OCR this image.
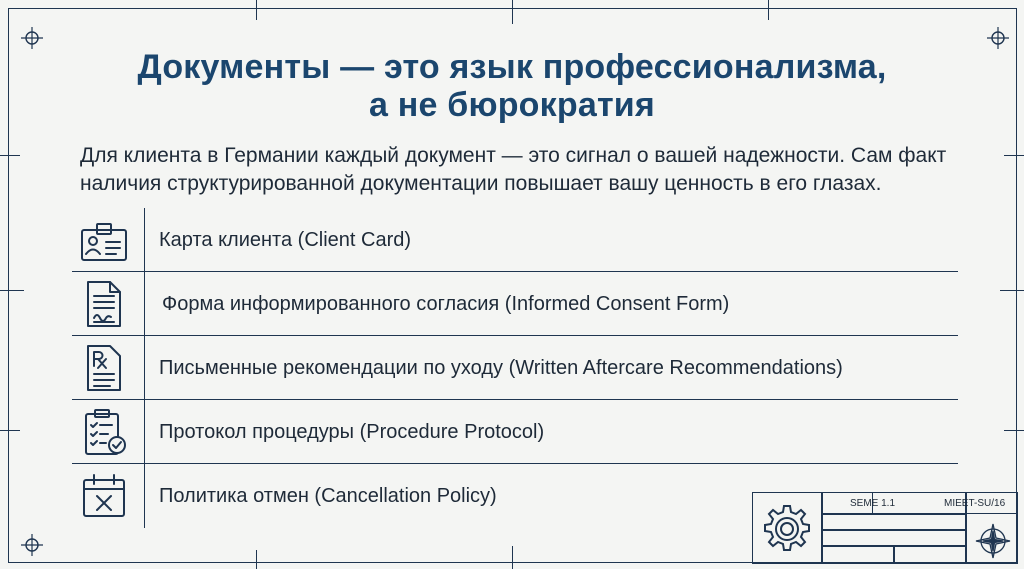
Документы — это язык профессионализма,
а не бюрократия
Для клиента в Германии каждый документ — это сигнал о вашей надежности. Сам факт
наличия структурированной документации повышает вашу ценность в его глазах.
Карта клиента (Client Card)
Форма информированного согласия (Informed Consent Form)
Письменные рекомендации по уходу (Written Aftercare Recommendations)
Протокол процедуры (Procedure Protocol)
Политика отмен (Cancellation Policy)	SEME 1.1	MIEET-SU/16
